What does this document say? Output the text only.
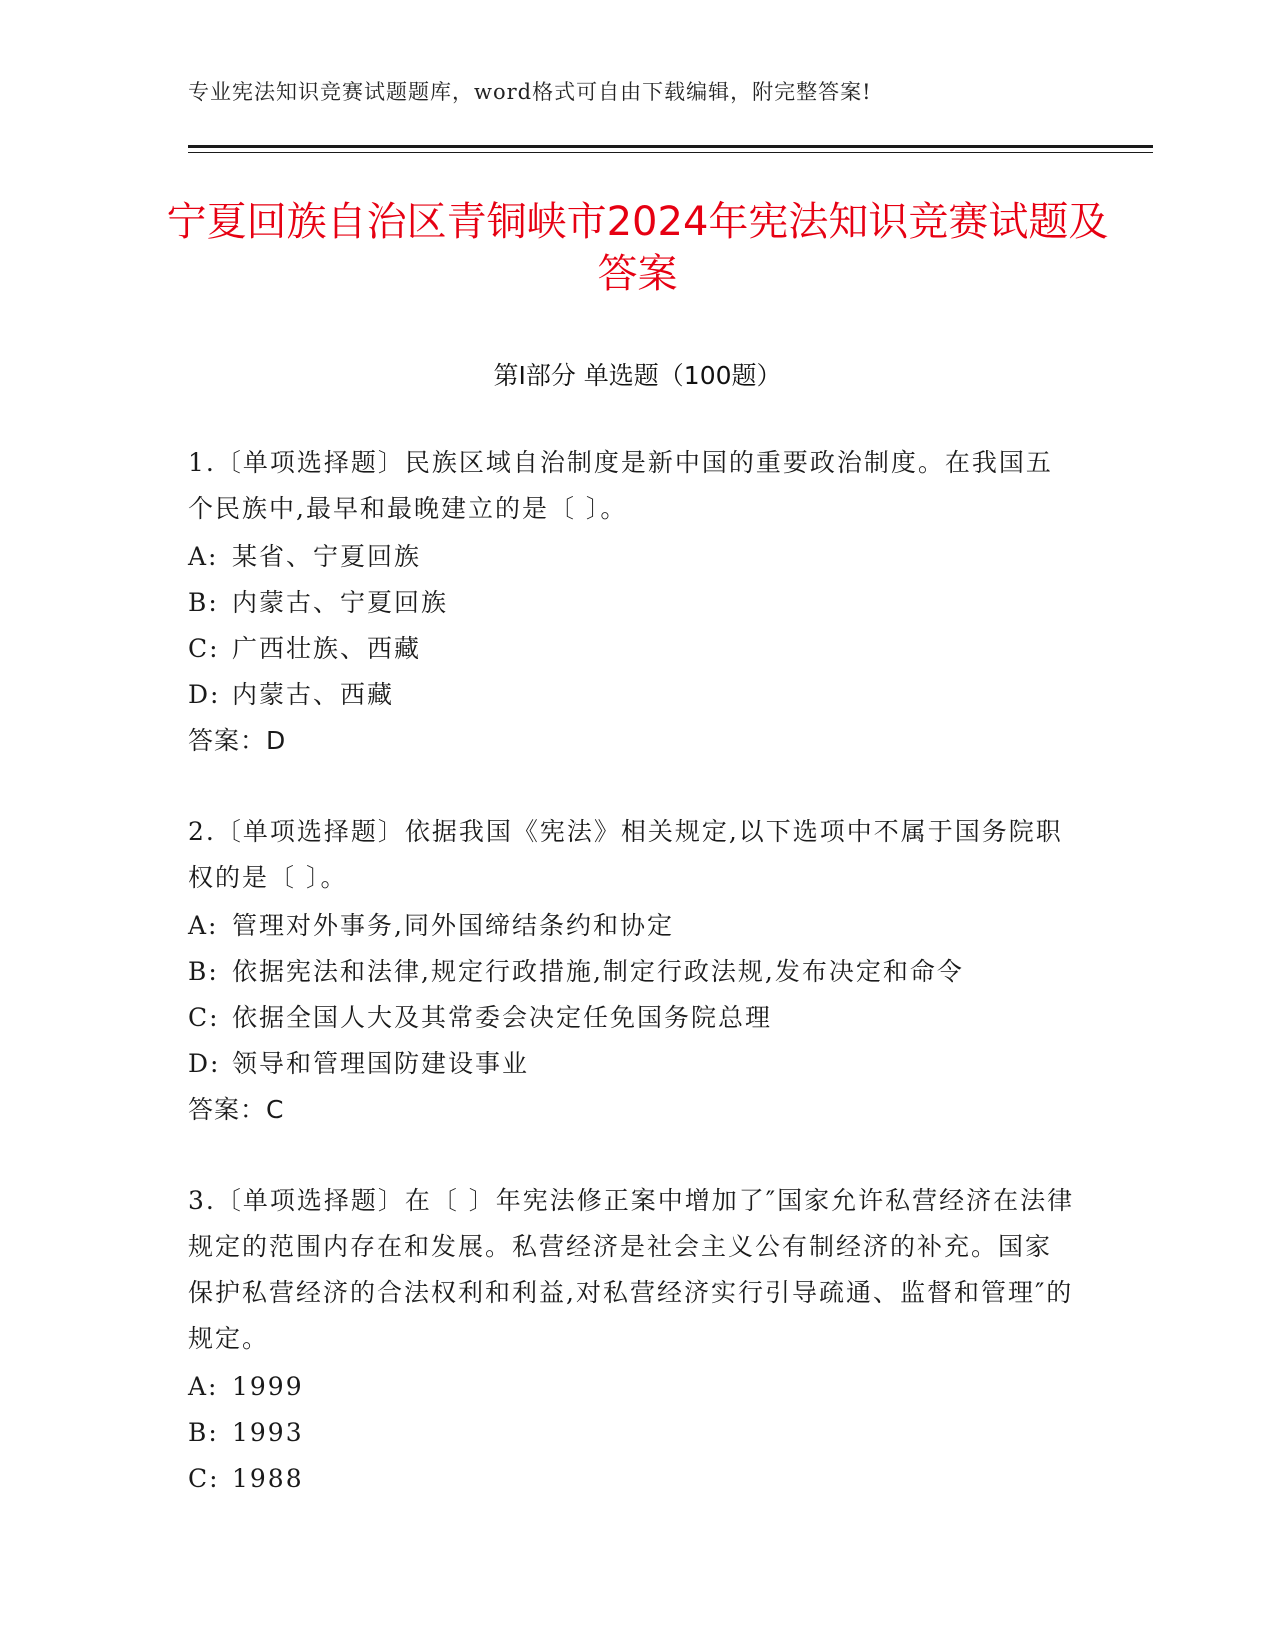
专业宪法知识竞赛试题题库，word格式可自由下载编辑，附完整答案!
宁夏回族自治区青铜峡市2024年宪法知识竞赛试题及答案
第Ⅰ部分 单选题（100题）
1.〔单项选择题〕民族区域自治制度是新中国的重要政治制度。在我国五个民族中,最早和最晚建立的是〔 〕。
A: 某省、宁夏回族
B: 内蒙古、宁夏回族
C: 广西壮族、西藏
D: 内蒙古、西藏
答案：D
2.〔单项选择题〕依据我国《宪法》相关规定,以下选项中不属于国务院职权的是〔 〕。
A: 管理对外事务,同外国缔结条约和协定
B: 依据宪法和法律,规定行政措施,制定行政法规,发布决定和命令
C: 依据全国人大及其常委会决定任免国务院总理
D: 领导和管理国防建设事业
答案：C
3.〔单项选择题〕在〔 〕年宪法修正案中增加了″国家允许私营经济在法律规定的范围内存在和发展。私营经济是社会主义公有制经济的补充。国家保护私营经济的合法权利和利益,对私营经济实行引导疏通、监督和管理″的规定。
A: 1999
B: 1993
C: 1988
